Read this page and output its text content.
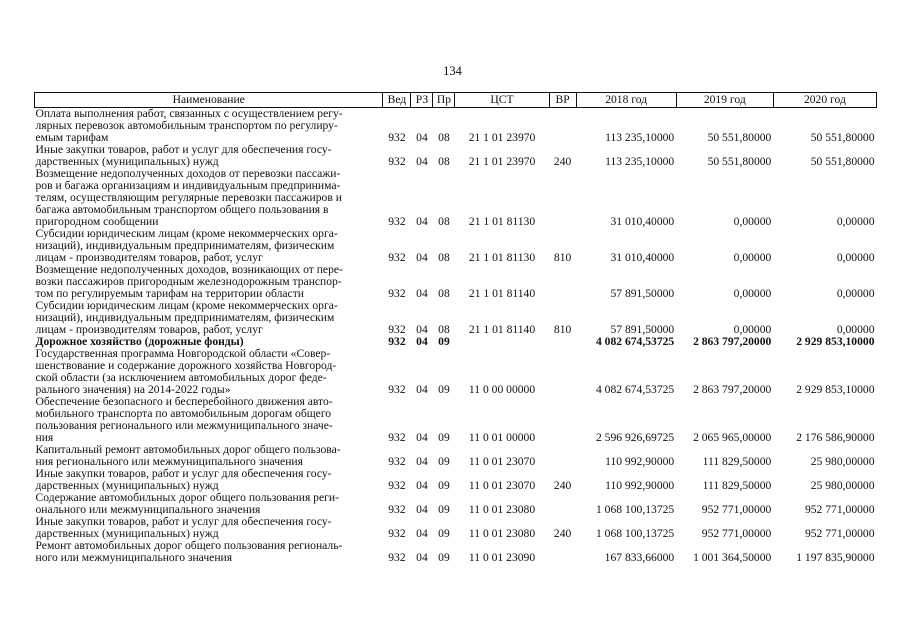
134
Наименование	Вед	РЗ	Пр	ЦСТ	ВР	2018 год	2019 год	2020 год
Оплата выполнения работ, связанных с осуществлением регу-
лярных перевозок автомобильным транспортом по регулиру-
емым тарифам	932	04	08	21 1 01 23970		113 235,10000	50 551,80000	50 551,80000
Иные закупки товаров, работ и услуг для обеспечения госу-
дарственных (муниципальных) нужд	932	04	08	21 1 01 23970	240	113 235,10000	50 551,80000	50 551,80000
Возмещение недополученных доходов от перевозки пассажи-
ров и багажа организациям и индивидуальным предпринима-
телям, осуществляющим регулярные перевозки пассажиров и
багажа автомобильным транспортом общего пользования в
пригородном сообщении	932	04	08	21 1 01 81130		31 010,40000	0,00000	0,00000
Субсидии юридическим лицам (кроме некоммерческих орга-
низаций), индивидуальным предпринимателям, физическим
лицам - производителям товаров, работ, услуг	932	04	08	21 1 01 81130	810	31 010,40000	0,00000	0,00000
Возмещение недополученных доходов, возникающих от пере-
возки пассажиров пригородным железнодорожным транспор-
том по регулируемым тарифам на территории области	932	04	08	21 1 01 81140		57 891,50000	0,00000	0,00000
Субсидии юридическим лицам (кроме некоммерческих орга-
низаций), индивидуальным предпринимателям, физическим
лицам - производителям товаров, работ, услуг	932	04	08	21 1 01 81140	810	57 891,50000	0,00000	0,00000
Дорожное хозяйство (дорожные фонды)	932	04	09			4 082 674,53725	2 863 797,20000	2 929 853,10000
Государственная программа Новгородской области «Совер-
шенствование и содержание дорожного хозяйства Новгород-
ской области (за исключением автомобильных дорог феде-
рального значения) на 2014-2022 годы»	932	04	09	11 0 00 00000		4 082 674,53725	2 863 797,20000	2 929 853,10000
Обеспечение безопасного и бесперебойного движения авто-
мобильного транспорта по автомобильным дорогам общего
пользования регионального или межмуниципального значе-
ния	932	04	09	11 0 01 00000		2 596 926,69725	2 065 965,00000	2 176 586,90000
Капитальный ремонт автомобильных дорог общего пользова-
ния регионального или межмуниципального значения	932	04	09	11 0 01 23070		110 992,90000	111 829,50000	25 980,00000
Иные закупки товаров, работ и услуг для обеспечения госу-
дарственных (муниципальных) нужд	932	04	09	11 0 01 23070	240	110 992,90000	111 829,50000	25 980,00000
Содержание автомобильных дорог общего пользования реги-
онального или межмуниципального значения	932	04	09	11 0 01 23080		1 068 100,13725	952 771,00000	952 771,00000
Иные закупки товаров, работ и услуг для обеспечения госу-
дарственных (муниципальных) нужд	932	04	09	11 0 01 23080	240	1 068 100,13725	952 771,00000	952 771,00000
Ремонт автомобильных дорог общего пользования региональ-
ного или межмуниципального значения	932	04	09	11 0 01 23090		167 833,66000	1 001 364,50000	1 197 835,90000
